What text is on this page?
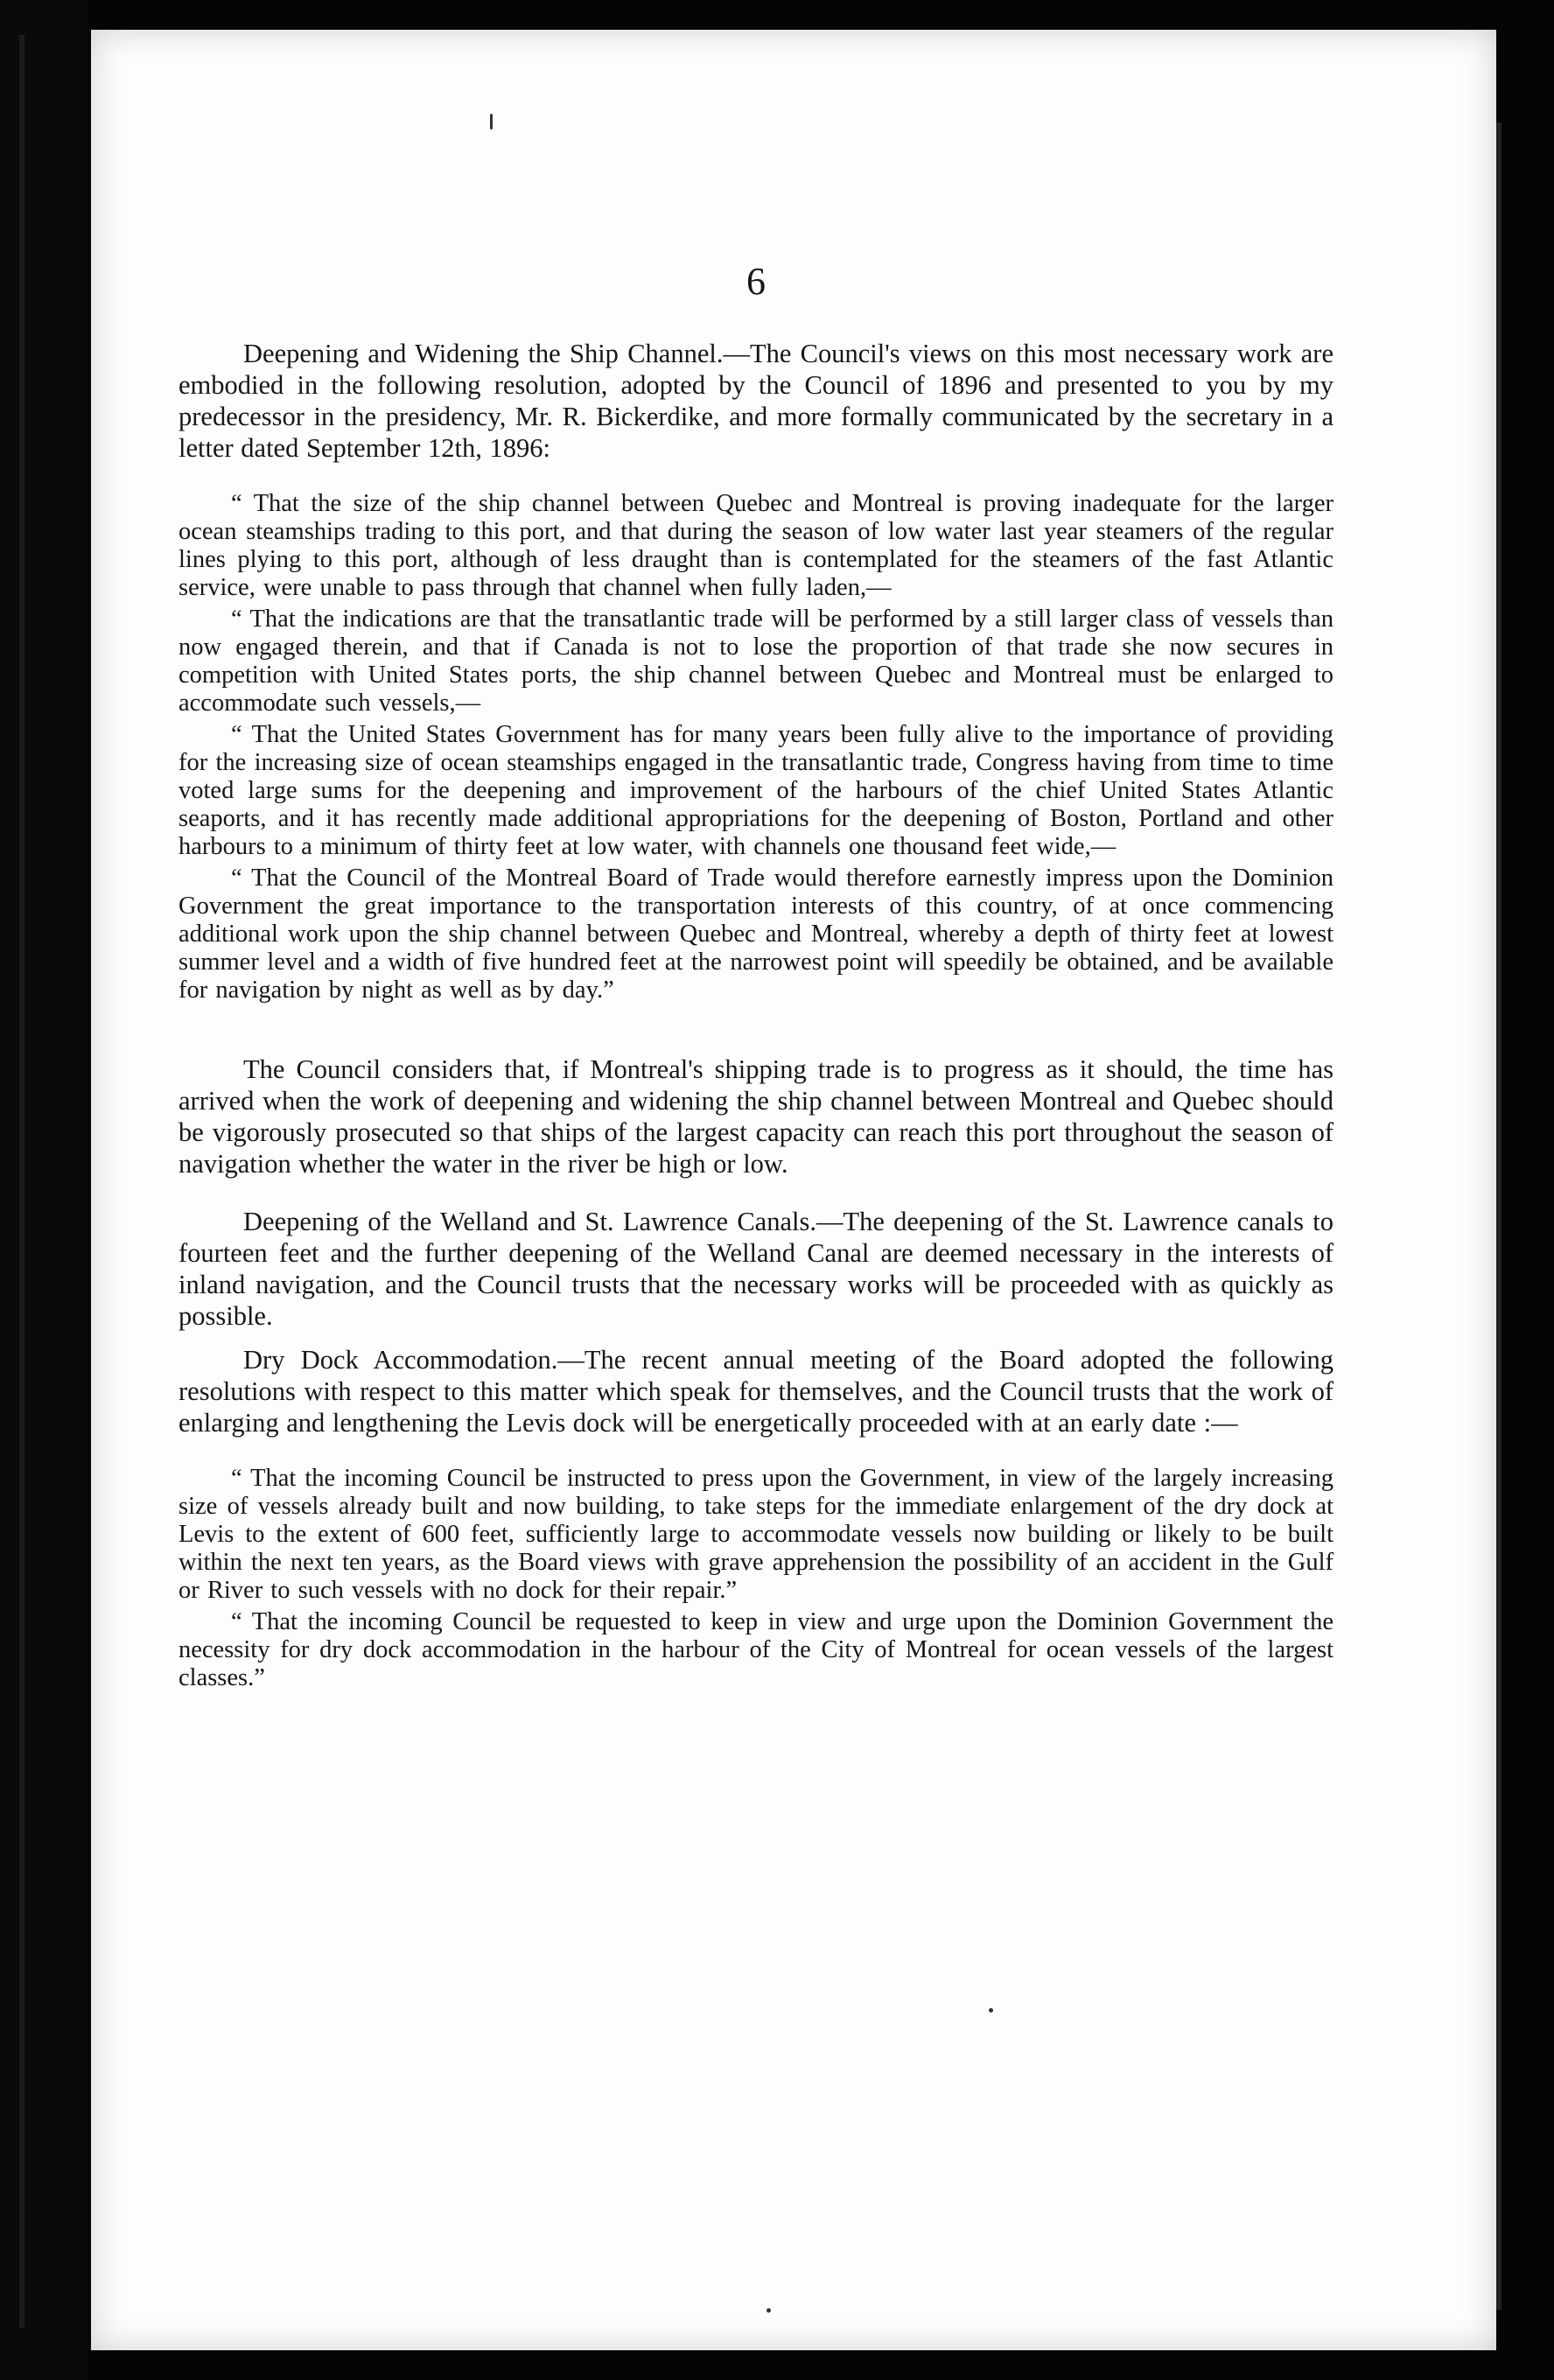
6

Deepening and Widening the Ship Channel.—The Council's views on this most necessary work are embodied in the following resolution, adopted by the Council of 1896 and presented to you by my predecessor in the presidency, Mr. R. Bickerdike, and more formally communicated by the secretary in a letter dated September 12th, 1896:

“ That the size of the ship channel between Quebec and Montreal is proving inadequate for the larger ocean steamships trading to this port, and that during the season of low water last year steamers of the regular lines plying to this port, although of less draught than is contemplated for the steamers of the fast Atlantic service, were unable to pass through that channel when fully laden,—

“ That the indications are that the transatlantic trade will be performed by a still larger class of vessels than now engaged therein, and that if Canada is not to lose the proportion of that trade she now secures in competition with United States ports, the ship channel between Quebec and Montreal must be enlarged to accommodate such vessels,—

“ That the United States Government has for many years been fully alive to the importance of providing for the increasing size of ocean steamships engaged in the transatlantic trade, Congress having from time to time voted large sums for the deepening and improvement of the harbours of the chief United States Atlantic seaports, and it has recently made additional appropriations for the deepening of Boston, Portland and other harbours to a minimum of thirty feet at low water, with channels one thousand feet wide,—

“ That the Council of the Montreal Board of Trade would therefore earnestly impress upon the Dominion Government the great importance to the transportation interests of this country, of at once commencing additional work upon the ship channel between Quebec and Montreal, whereby a depth of thirty feet at lowest summer level and a width of five hundred feet at the narrowest point will speedily be obtained, and be available for navigation by night as well as by day.”

The Council considers that, if Montreal's shipping trade is to progress as it should, the time has arrived when the work of deepening and widening the ship channel between Montreal and Quebec should be vigorously prosecuted so that ships of the largest capacity can reach this port throughout the season of navigation whether the water in the river be high or low.

Deepening of the Welland and St. Lawrence Canals.—The deepening of the St. Lawrence canals to fourteen feet and the further deepening of the Welland Canal are deemed necessary in the interests of inland navigation, and the Council trusts that the necessary works will be proceeded with as quickly as possible.

Dry Dock Accommodation.—The recent annual meeting of the Board adopted the following resolutions with respect to this matter which speak for themselves, and the Council trusts that the work of enlarging and lengthening the Levis dock will be energetically proceeded with at an early date :—

“ That the incoming Council be instructed to press upon the Government, in view of the largely increasing size of vessels already built and now building, to take steps for the immediate enlargement of the dry dock at Levis to the extent of 600 feet, sufficiently large to accommodate vessels now building or likely to be built within the next ten years, as the Board views with grave apprehension the possibility of an accident in the Gulf or River to such vessels with no dock for their repair.”

“ That the incoming Council be requested to keep in view and urge upon the Dominion Government the necessity for dry dock accommodation in the harbour of the City of Montreal for ocean vessels of the largest classes.”
